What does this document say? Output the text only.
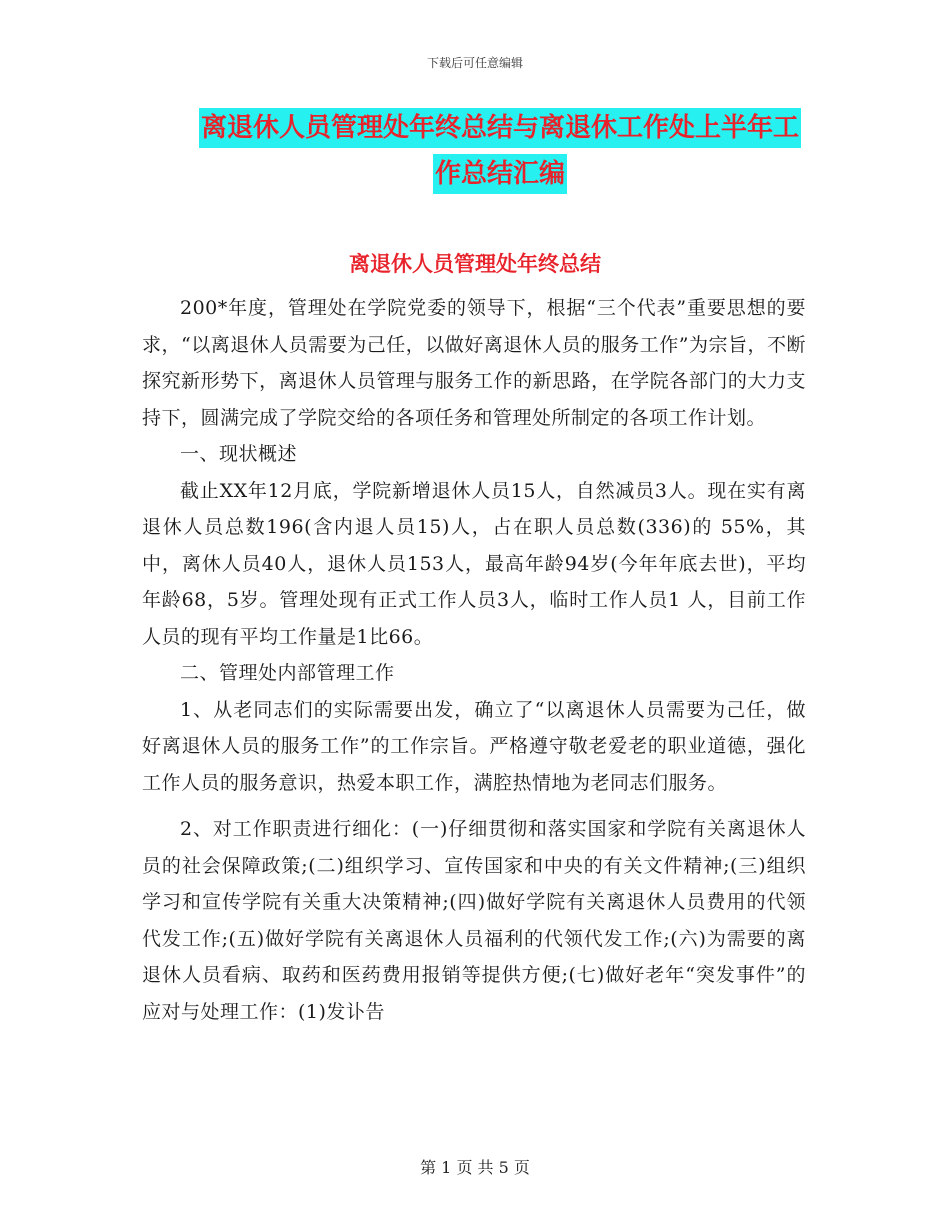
下载后可任意编辑
离退休人员管理处年终总结与离退休工作处上半年工
作总结汇编
离退休人员管理处年终总结

200*年度，管理处在学院党委的领导下，根据“三个代表”重要思想的要求，“以离退休人员需要为己任，以做好离退休人员的服务工作”为宗旨，不断探究新形势下，离退休人员管理与服务工作的新思路，在学院各部门的大力支持下，圆满完成了学院交给的各项任务和管理处所制定的各项工作计划。

一、现状概述

截止XX年12月底，学院新增退休人员15人，自然减员3人。现在实有离退休人员总数196(含内退人员15)人，占在职人员总数(336)的 55%，其中，离休人员40人，退休人员153人，最高年龄94岁(今年年底去世)，平均年龄68，5岁。管理处现有正式工作人员3人，临时工作人员1 人，目前工作人员的现有平均工作量是1比66。

二、管理处内部管理工作

1、从老同志们的实际需要出发，确立了“以离退休人员需要为己任，做好离退休人员的服务工作”的工作宗旨。严格遵守敬老爱老的职业道德，强化工作人员的服务意识，热爱本职工作，满腔热情地为老同志们服务。

2、对工作职责进行细化：(一)仔细贯彻和落实国家和学院有关离退休人员的社会保障政策;(二)组织学习、宣传国家和中央的有关文件精神;(三)组织学习和宣传学院有关重大决策精神;(四)做好学院有关离退休人员费用的代领代发工作;(五)做好学院有关离退休人员福利的代领代发工作;(六)为需要的离退休人员看病、取药和医药费用报销等提供方便;(七)做好老年“突发事件”的应对与处理工作：(1)发讣告

第 1 页 共 5 页
